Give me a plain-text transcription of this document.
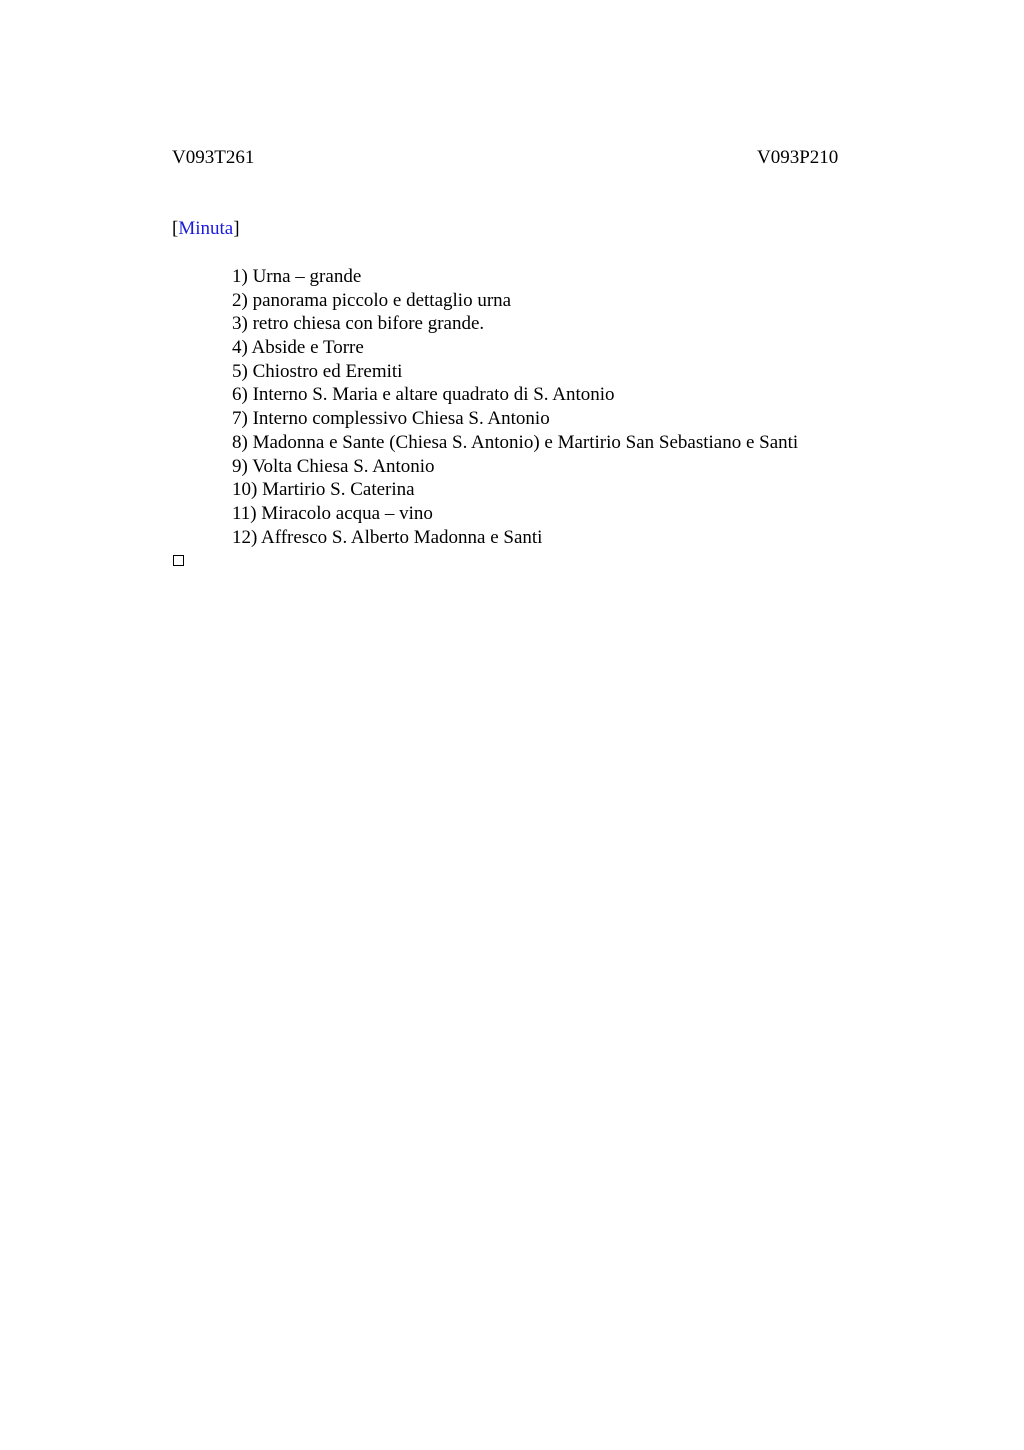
V093T261	V093P210
[Minuta]
1) Urna – grande
2) panorama piccolo e dettaglio urna
3) retro chiesa con bifore grande.
4) Abside e Torre
5) Chiostro ed Eremiti
6) Interno S. Maria e altare quadrato di S. Antonio
7) Interno complessivo Chiesa S. Antonio
8) Madonna e Sante (Chiesa S. Antonio) e Martirio San Sebastiano e Santi
9) Volta Chiesa S. Antonio
10) Martirio S. Caterina
11) Miracolo acqua – vino
12) Affresco S. Alberto Madonna e Santi
